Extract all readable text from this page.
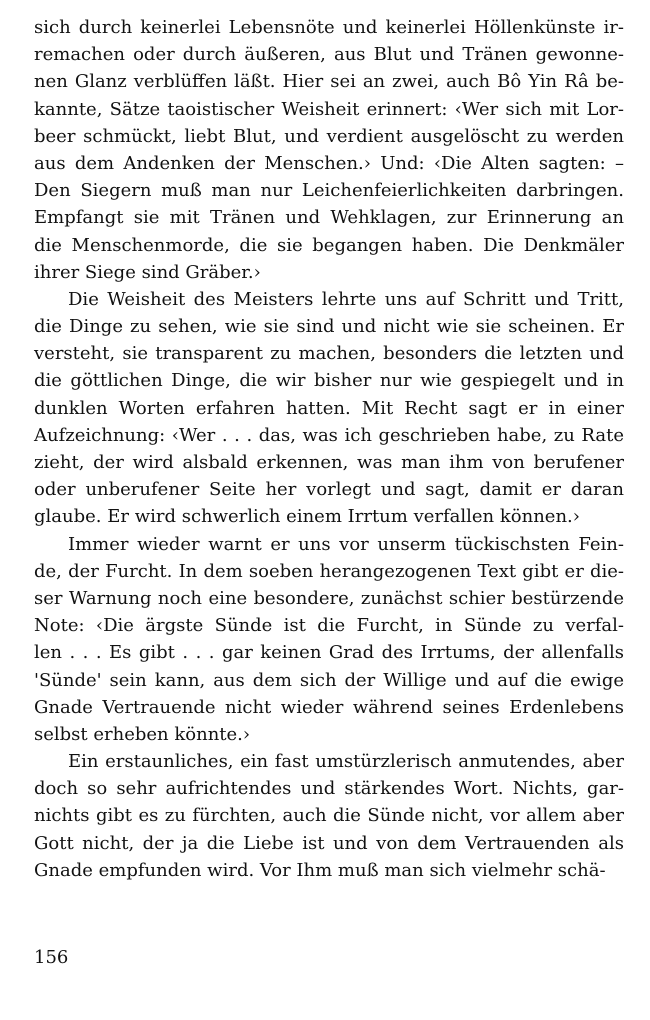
sich durch keinerlei Lebensnöte und keinerlei Höllenkünste ir-
remachen oder durch äußeren, aus Blut und Tränen gewonne-
nen Glanz verblüffen läßt. Hier sei an zwei, auch Bô Yin Râ be-
kannte, Sätze taoistischer Weisheit erinnert: ‹Wer sich mit Lor-
beer schmückt, liebt Blut, und verdient ausgelöscht zu werden
aus dem Andenken der Menschen.› Und: ‹Die Alten sagten: –
Den Siegern muß man nur Leichenfeierlichkeiten darbringen.
Empfangt sie mit Tränen und Wehklagen, zur Erinnerung an
die Menschenmorde, die sie begangen haben. Die Denkmäler
ihrer Siege sind Gräber.›
Die Weisheit des Meisters lehrte uns auf Schritt und Tritt,
die Dinge zu sehen, wie sie sind und nicht wie sie scheinen. Er
versteht, sie transparent zu machen, besonders die letzten und
die göttlichen Dinge, die wir bisher nur wie gespiegelt und in
dunklen Worten erfahren hatten. Mit Recht sagt er in einer
Aufzeichnung: ‹Wer . . . das, was ich geschrieben habe, zu Rate
zieht, der wird alsbald erkennen, was man ihm von berufener
oder unberufener Seite her vorlegt und sagt, damit er daran
glaube. Er wird schwerlich einem Irrtum verfallen können.›
Immer wieder warnt er uns vor unserm tückischsten Fein-
de, der Furcht. In dem soeben herangezogenen Text gibt er die-
ser Warnung noch eine besondere, zunächst schier bestürzende
Note: ‹Die ärgste Sünde ist die Furcht, in Sünde zu verfal-
len . . . Es gibt . . . gar keinen Grad des Irrtums, der allenfalls
'Sünde' sein kann, aus dem sich der Willige und auf die ewige
Gnade Vertrauende nicht wieder während seines Erdenlebens
selbst erheben könnte.›
Ein erstaunliches, ein fast umstürzlerisch anmutendes, aber
doch so sehr aufrichtendes und stärkendes Wort. Nichts, gar-
nichts gibt es zu fürchten, auch die Sünde nicht, vor allem aber
Gott nicht, der ja die Liebe ist und von dem Vertrauenden als
Gnade empfunden wird. Vor Ihm muß man sich vielmehr schä-
156
